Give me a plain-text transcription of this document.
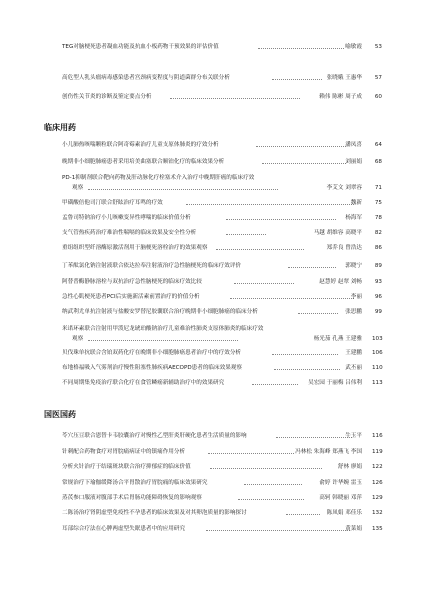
TEG对脑梗死患者凝血功能及抗血小板药物干预效果的评估价值	喻敏霞	53
高危型人乳头瘤病毒感染患者宫颈病变程度与阴道菌群分布关联分析	张晓娥 王惠华	57
创伤性关节炎的诊断及鉴定要点分析	赖伟 陈彬 周子成	60
临床用药
小儿肺热咳喘颗粒联合阿奇霉素治疗儿童支原体肺炎的疗效分析	潘凤喜	64
晚期非小细胞肺癌患者采用培美曲塞联合顺铂化疗的临床效果分析	刘丽娟	68
PD-1抑制剂联合靶向药物及肝动脉化疗栓塞术介入治疗中晚期肝癌的临床疗效
观察	李艾文 刘翠容	71
甲磺酸倍他司汀联合舒眩治疗耳鸣的疗效	魏新	75
孟鲁司特钠治疗小儿咳嗽变异性哮喘的临床价值分析	杨海军	78
支气管热疾药治疗难治性喘嗝的临床效果及安全性分析	马越 胡维容 高晓平	82
重组组织型纤溶酶原激活剂用于脑梗死溶栓治疗的效果观察	郑乔良 曾浩达	86
丁苯酞氯化钠注射液联合依达拉奉注射液治疗急性脑梗死的临床疗效评价	郭晓宁	89
阿替普酶静脉溶栓与双抗治疗急性脑梗死的临床疗效比较	赵慧婷 赵翠 刘畅	93
急性心肌梗死患者PCI后实施新活素前置治疗的价值分析	李丽	96
纳武利尤单抗注射液与盐酸安罗替尼胶囊联合治疗晚期非小细胞肺癌的临床分析	张思鹏	99
米诺环素联合注射用甲泼尼龙琥珀酸钠治疗儿童难治性肺炎支原体肺炎的临床疗效
观察	杨光茄 孔燕 王建雅 103
贝伐珠单抗联合含铂双药化疗在晚期非小细胞肺癌患者治疗中的疗效分析	王建鹏 106
布地格福吸入气雾剂治疗慢性阻塞性肺疾病AECOPD患者的临床效果观察	武丕丽 110
不同周期集免疫治疗联合化疗在食管鳞癌新辅助治疗中的效果研究	吴宏园 于丽梅 吕伟利 113
国医国药
苓穴压豆联合恩替卡韦胶囊治疗对慢性乙型肝炎肝硬化患者生活质量的影响	牛玉平 116
针刺配合药物食疗对胃脘痛病证中的镇痛作用分析	冯林松 朱海峰 郑燕飞 李国 119
分析火针治疗于结瑞斑块联合治疗抑郁症的临床价值	舒林 廖娟 122
常规治疗下瑜伽缓降汤合平胃散治疗胃脘痛的临床效果研究	俞婷 许华婉 雷玉 126
蒸芪参口服液对腹部手术后胃肠功能障碍恢复的影响观察	高轲 韩晓丽 邓萍 129
二陈汤治疗肾阴虚型免疫性不孕患者的临床效果及对其卵泡质量的影响探讨	陈凤娟 邓佳乐 132
耳部综合疗法在心脾两虚型失眠患者中的应用研究	黄菜娟 135
